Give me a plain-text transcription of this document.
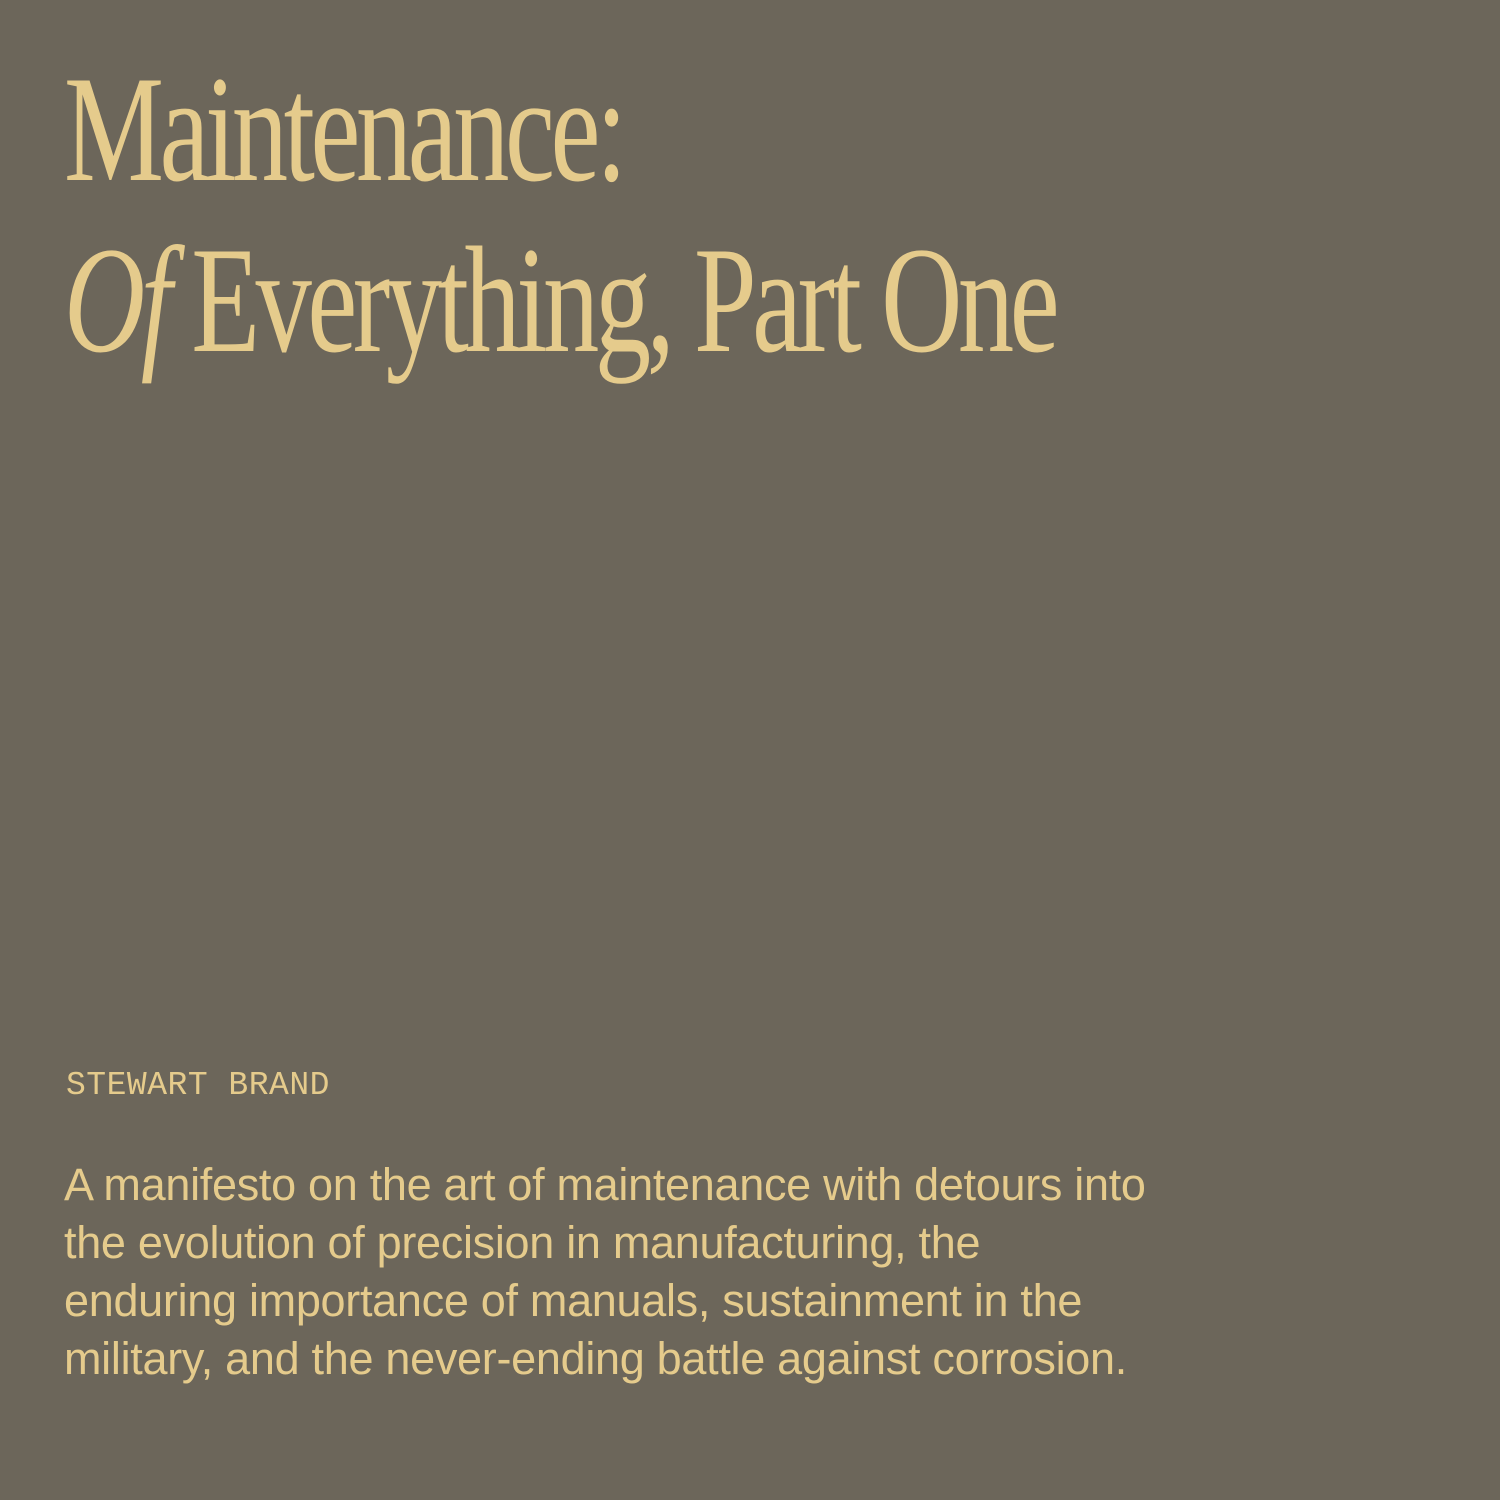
Maintenance:
Of Everything, Part One

STEWART BRAND

A manifesto on the art of maintenance with detours into the evolution of precision in manufacturing, the enduring importance of manuals, sustainment in the military, and the never-ending battle against corrosion.
